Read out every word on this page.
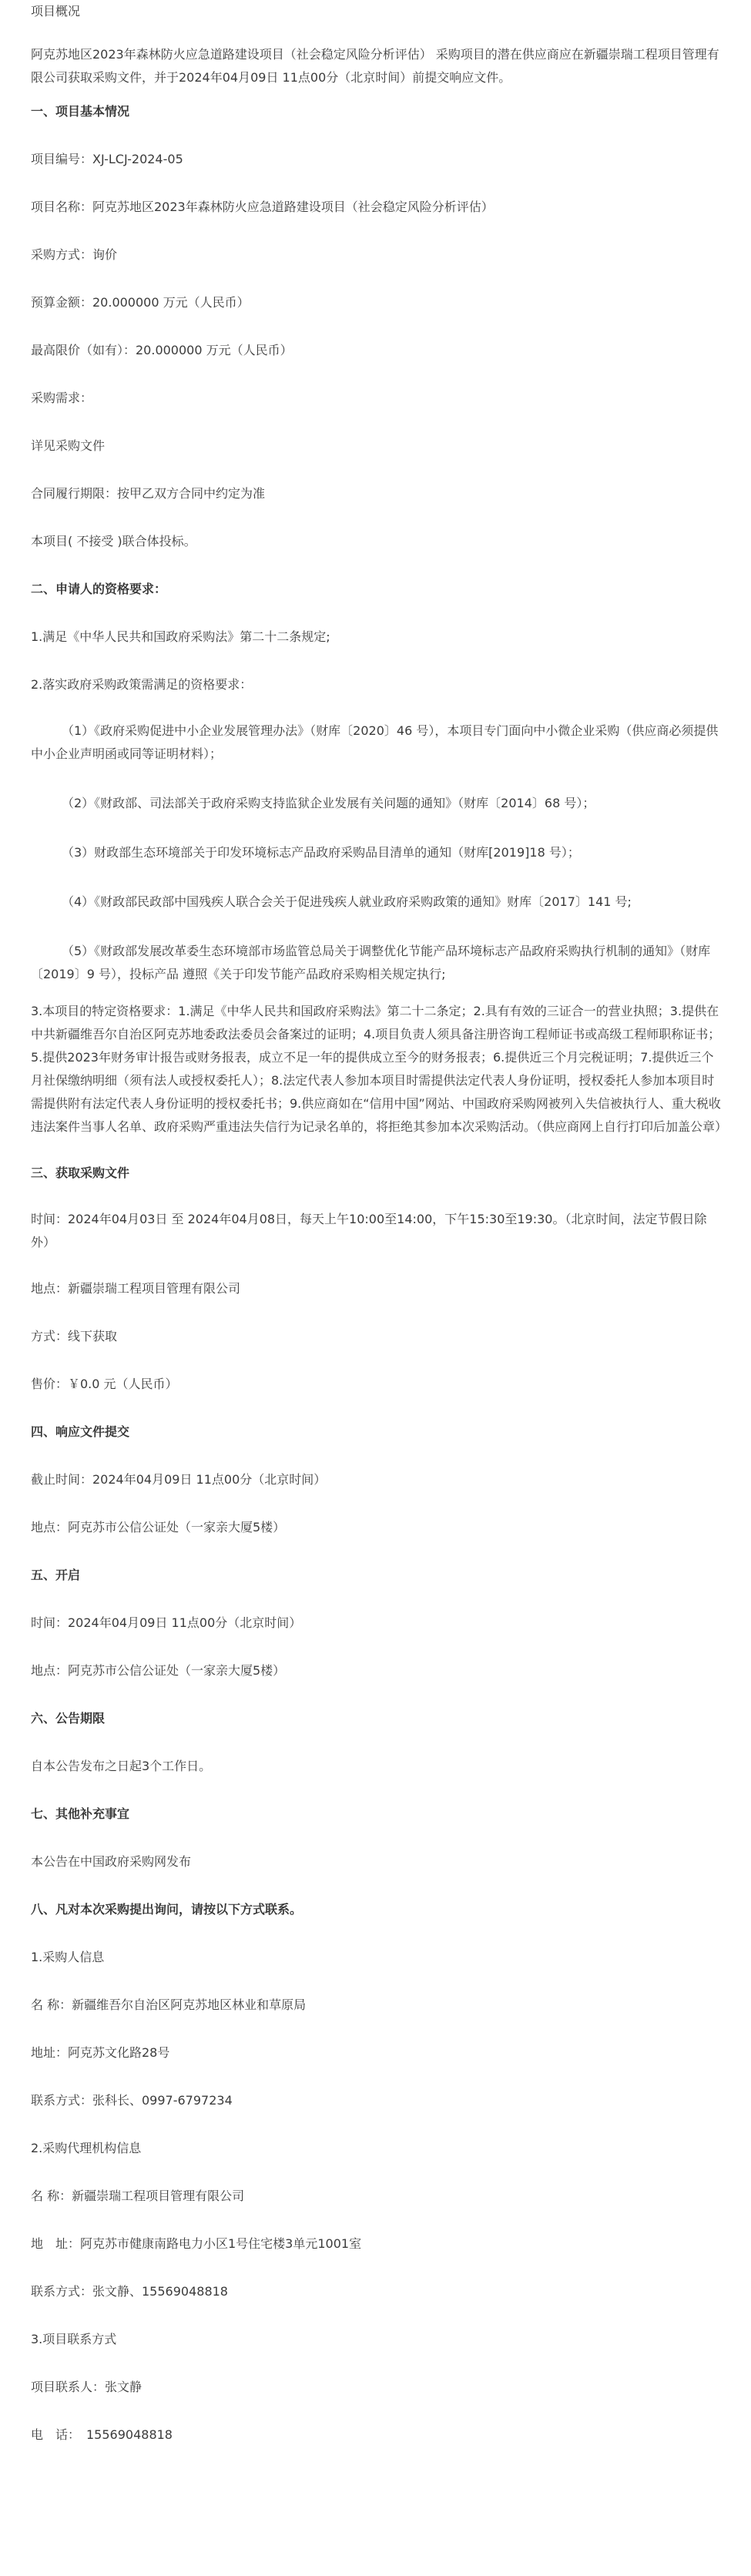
项目概况

阿克苏地区2023年森林防火应急道路建设项目（社会稳定风险分析评估） 采购项目的潜在供应商应在新疆崇瑞工程项目管理有限公司获取采购文件，并于2024年04月09日 11点00分（北京时间）前提交响应文件。

一、项目基本情况

项目编号：XJ-LCJ-2024-05

项目名称：阿克苏地区2023年森林防火应急道路建设项目（社会稳定风险分析评估）

采购方式：询价

预算金额：20.000000 万元（人民币）

最高限价（如有）：20.000000 万元（人民币）

采购需求：

详见采购文件

合同履行期限：按甲乙双方合同中约定为准

本项目( 不接受 )联合体投标。

二、申请人的资格要求：

1.满足《中华人民共和国政府采购法》第二十二条规定;

2.落实政府采购政策需满足的资格要求：

（1）《政府采购促进中小企业发展管理办法》（财库〔2020〕46 号），本项目专门面向中小微企业采购（供应商必须提供中小企业声明函或同等证明材料）；

（2）《财政部、司法部关于政府采购支持监狱企业发展有关问题的通知》（财库〔2014〕68 号）；

（3）财政部生态环境部关于印发环境标志产品政府采购品目清单的通知（财库[2019]18 号）；

（4）《财政部民政部中国残疾人联合会关于促进残疾人就业政府采购政策的通知》财库〔2017〕141 号;

（5）《财政部发展改革委生态环境部市场监管总局关于调整优化节能产品环境标志产品政府采购执行机制的通知》（财库〔2019〕9 号），投标产品 遵照《关于印发节能产品政府采购相关规定执行;

3.本项目的特定资格要求：1.满足《中华人民共和国政府采购法》第二十二条定；2.具有有效的三证合一的营业执照；3.提供在中共新疆维吾尔自治区阿克苏地委政法委员会备案过的证明；4.项目负责人须具备注册咨询工程师证书或高级工程师职称证书；5.提供2023年财务审计报告或财务报表，成立不足一年的提供成立至今的财务报表；6.提供近三个月完税证明；7.提供近三个月社保缴纳明细（须有法人或授权委托人）；8.法定代表人参加本项目时需提供法定代表人身份证明，授权委托人参加本项目时需提供附有法定代表人身份证明的授权委托书；9.供应商如在“信用中国”网站、中国政府采购网被列入失信被执行人、重大税收违法案件当事人名单、政府采购严重违法失信行为记录名单的，将拒绝其参加本次采购活动。（供应商网上自行打印后加盖公章）

三、获取采购文件

时间：2024年04月03日 至 2024年04月08日，每天上午10:00至14:00，下午15:30至19:30。（北京时间，法定节假日除外）

地点：新疆崇瑞工程项目管理有限公司

方式：线下获取

售价：￥0.0 元（人民币）

四、响应文件提交

截止时间：2024年04月09日 11点00分（北京时间）

地点：阿克苏市公信公证处（一家亲大厦5楼）

五、开启

时间：2024年04月09日 11点00分（北京时间）

地点：阿克苏市公信公证处（一家亲大厦5楼）

六、公告期限

自本公告发布之日起3个工作日。

七、其他补充事宜

本公告在中国政府采购网发布

八、凡对本次采购提出询问，请按以下方式联系。

1.采购人信息

名 称：新疆维吾尔自治区阿克苏地区林业和草原局

地址：阿克苏文化路28号

联系方式：张科长、0997-6797234

2.采购代理机构信息

名 称：新疆崇瑞工程项目管理有限公司

地　址：阿克苏市健康南路电力小区1号住宅楼3单元1001室

联系方式：张文静、15569048818

3.项目联系方式

项目联系人：张文静

电　话：　15569048818
